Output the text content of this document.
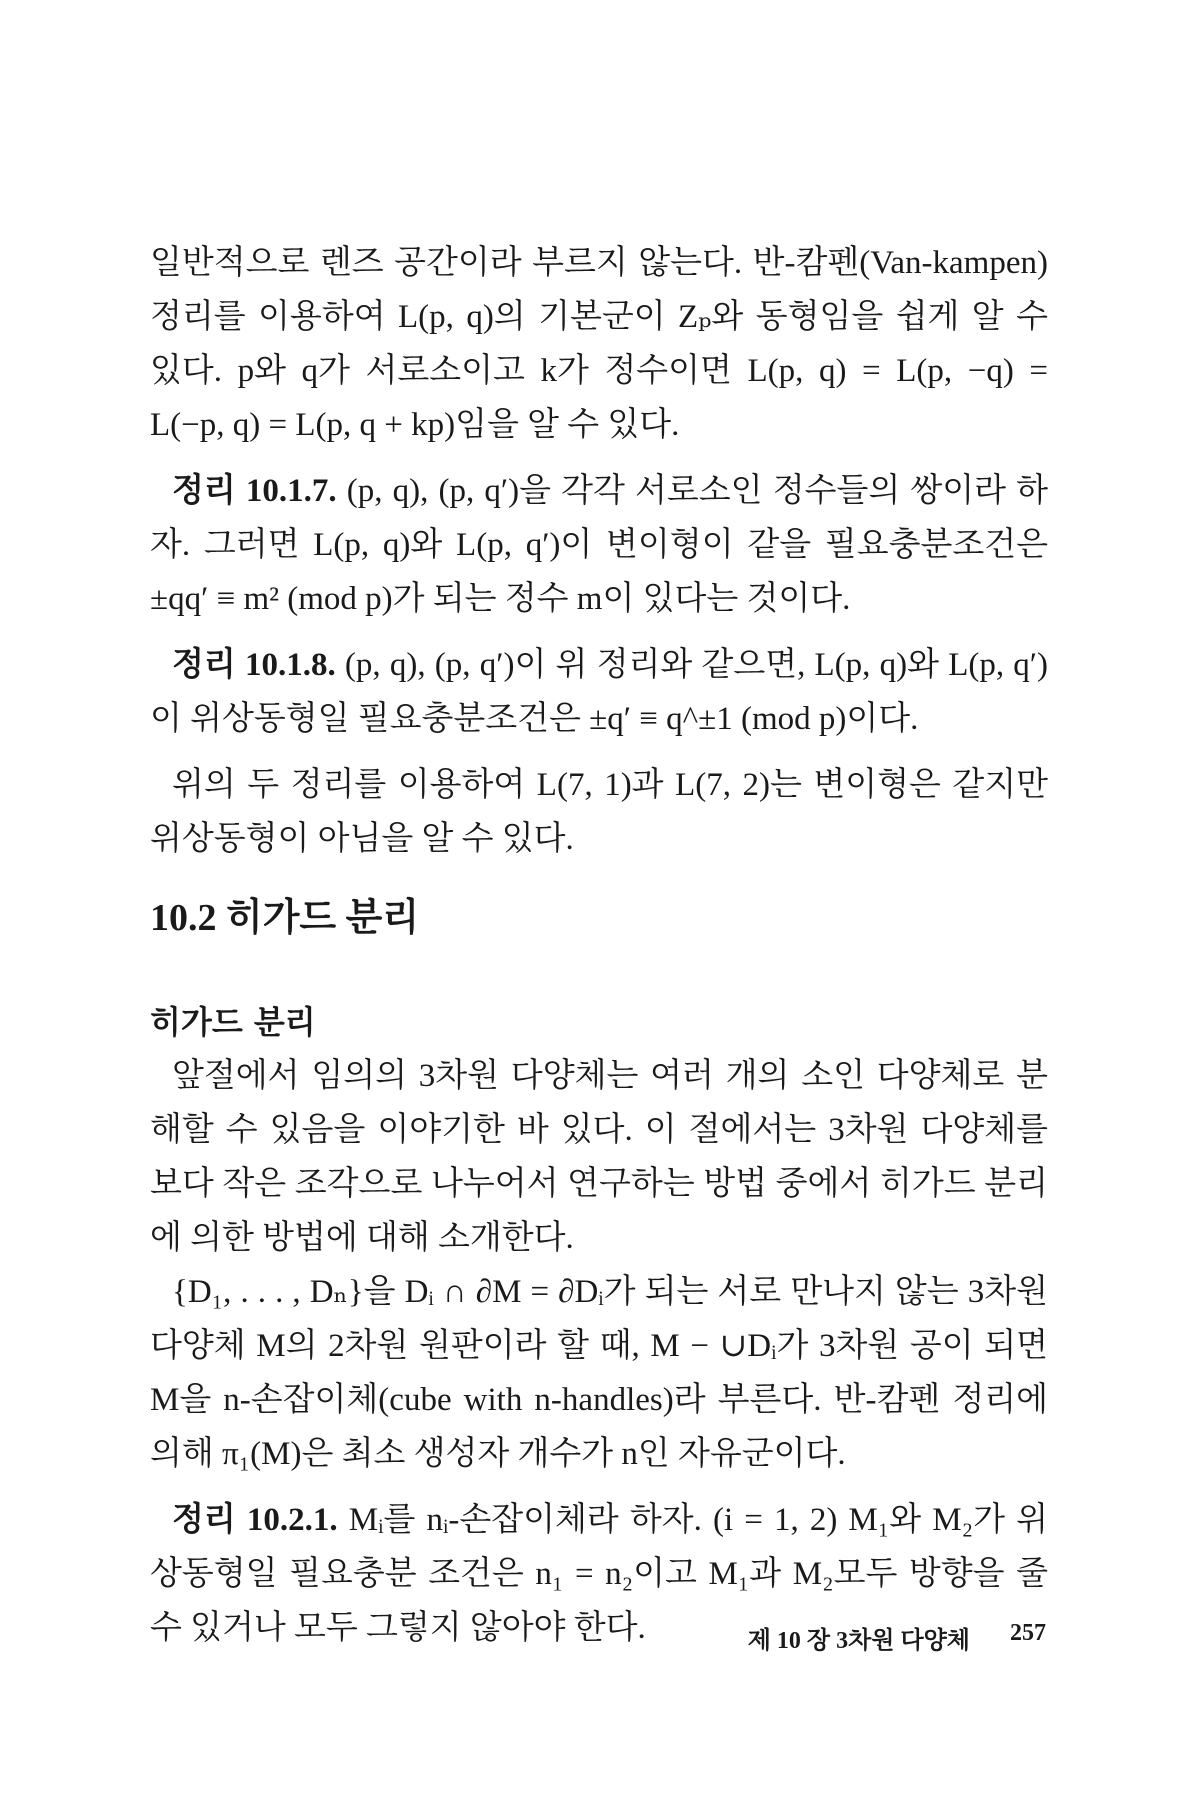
일반적으로 렌즈 공간이라 부르지 않는다. 반-캄펜(Van-kampen) 정리를 이용하여 L(p, q)의 기본군이 Zₚ와 동형임을 쉽게 알 수 있다. p와 q가 서로소이고 k가 정수이면 L(p, q) = L(p, −q) = L(−p, q) = L(p, q + kp)임을 알 수 있다.

정리 10.1.7. (p, q), (p, q′)을 각각 서로소인 정수들의 쌍이라 하자. 그러면 L(p, q)와 L(p, q′)이 변이형이 같을 필요충분조건은 ±qq′ ≡ m² (mod p)가 되는 정수 m이 있다는 것이다.

정리 10.1.8. (p, q), (p, q′)이 위 정리와 같으면, L(p, q)와 L(p, q′)이 위상동형일 필요충분조건은 ±q′ ≡ q^±1 (mod p)이다.

위의 두 정리를 이용하여 L(7, 1)과 L(7, 2)는 변이형은 같지만 위상동형이 아님을 알 수 있다.

10.2 히가드 분리
히가드 분리

앞절에서 임의의 3차원 다양체는 여러 개의 소인 다양체로 분해할 수 있음을 이야기한 바 있다. 이 절에서는 3차원 다양체를 보다 작은 조각으로 나누어서 연구하는 방법 중에서 히가드 분리에 의한 방법에 대해 소개한다.

{D₁, . . . , Dₙ}을 Dᵢ ∩ ∂M = ∂Dᵢ가 되는 서로 만나지 않는 3차원 다양체 M의 2차원 원판이라 할 때, M − ∪Dᵢ가 3차원 공이 되면 M을 n-손잡이체(cube with n-handles)라 부른다. 반-캄펜 정리에 의해 π₁(M)은 최소 생성자 개수가 n인 자유군이다.

정리 10.2.1. Mᵢ를 nᵢ-손잡이체라 하자. (i = 1, 2) M₁와 M₂가 위상동형일 필요충분 조건은 n₁ = n₂이고 M₁과 M₂모두 방향을 줄 수 있거나 모두 그렇지 않아야 한다.	제 10 장 3차원 다양체 257
